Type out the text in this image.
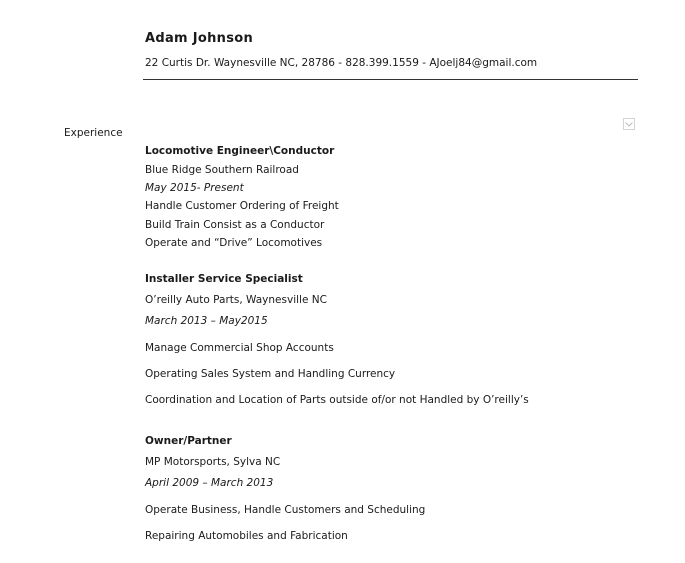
Adam Johnson
22 Curtis Dr. Waynesville NC, 28786 - 828.399.1559 - AJoelj84@gmail.com
Experience
Locomotive Engineer\Conductor
Blue Ridge Southern Railroad
May 2015- Present
Handle Customer Ordering of Freight
Build Train Consist as a Conductor
Operate and “Drive” Locomotives
Installer Service Specialist
O’reilly Auto Parts, Waynesville NC
March 2013 – May2015
Manage Commercial Shop Accounts
Operating Sales System and Handling Currency
Coordination and Location of Parts outside of/or not Handled by O’reilly’s
Owner/Partner
MP Motorsports, Sylva NC
April 2009 – March 2013
Operate Business, Handle Customers and Scheduling
Repairing Automobiles and Fabrication
